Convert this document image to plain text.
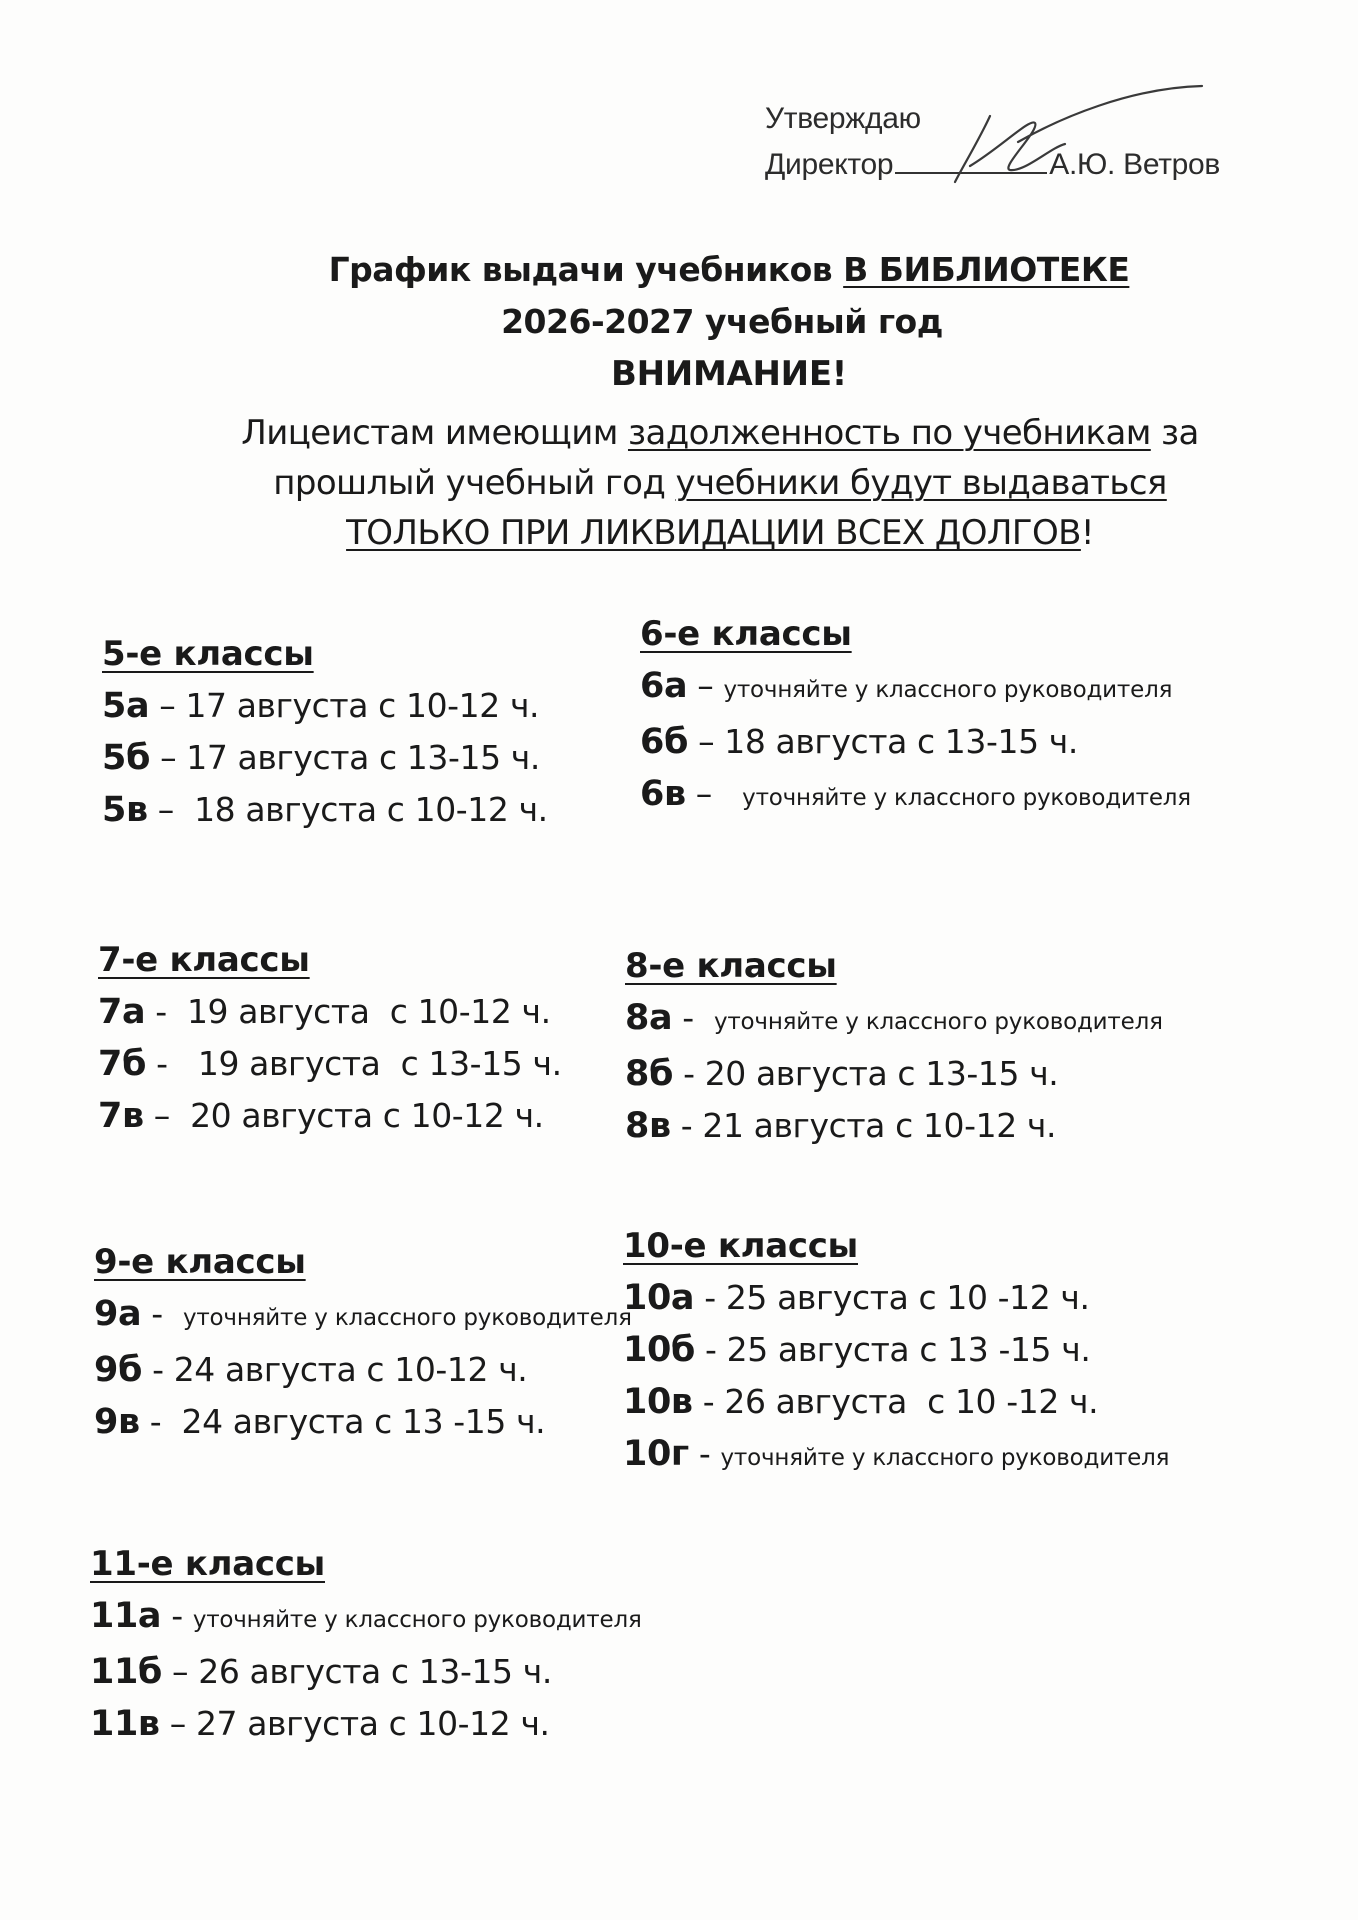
Утверждаю
Директор	А.Ю. Ветров
График выдачи учебников В БИБЛИОТЕКЕ
2026-2027 учебный год
ВНИМАНИЕ!
Лицеистам имеющим задолженность по учебникам за прошлый учебный год учебники будут выдаваться
ТОЛЬКО ПРИ ЛИКВИДАЦИИ ВСЕХ ДОЛГОВ!
5-е классы
5а – 17 августа с 10-12 ч.
5б – 17 августа с 13-15 ч.
5в –  18 августа с 10-12 ч.
6-е классы
6а – уточняйте у классного руководителя
6б – 18 августа с 13-15 ч.
6в –   уточняйте у классного руководителя
7-е классы
7а -  19 августа  с 10-12 ч.
7б -   19 августа  с 13-15 ч.
7в –  20 августа с 10-12 ч.
8-е классы
8а -  уточняйте у классного руководителя
8б - 20 августа с 13-15 ч.
8в - 21 августа с 10-12 ч.
9-е классы
9а -  уточняйте у классного руководителя
9б - 24 августа с 10-12 ч.
9в -  24 августа с 13 -15 ч.
10-е классы
10а - 25 августа с 10 -12 ч.
10б - 25 августа с 13 -15 ч.
10в - 26 августа  с 10 -12 ч.
10г - уточняйте у классного руководителя
11-е классы
11а - уточняйте у классного руководителя
11б – 26 августа с 13-15 ч.
11в – 27 августа с 10-12 ч.
